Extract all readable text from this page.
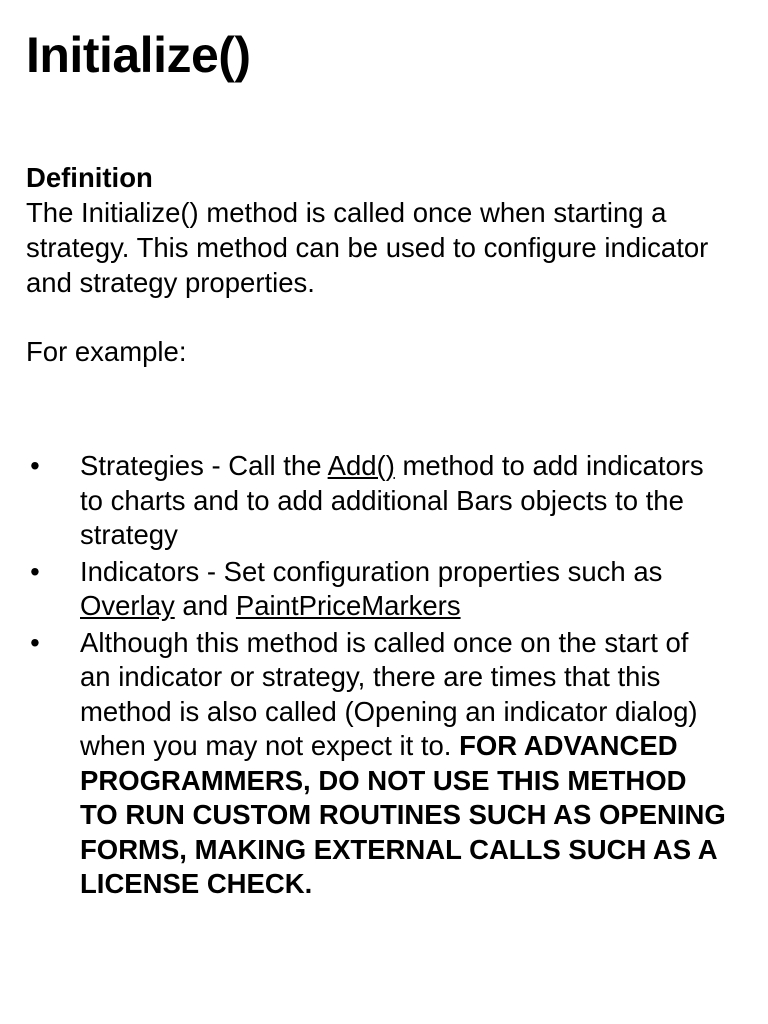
Initialize()

Definition

The Initialize() method is called once when starting a strategy. This method can be used to configure indicator and strategy properties.

For example:

• Strategies - Call the Add() method to add indicators to charts and to add additional Bars objects to the strategy
• Indicators - Set configuration properties such as Overlay and PaintPriceMarkers
• Although this method is called once on the start of an indicator or strategy, there are times that this method is also called (Opening an indicator dialog) when you may not expect it to. FOR ADVANCED PROGRAMMERS, DO NOT USE THIS METHOD TO RUN CUSTOM ROUTINES SUCH AS OPENING FORMS, MAKING EXTERNAL CALLS SUCH AS A LICENSE CHECK.
